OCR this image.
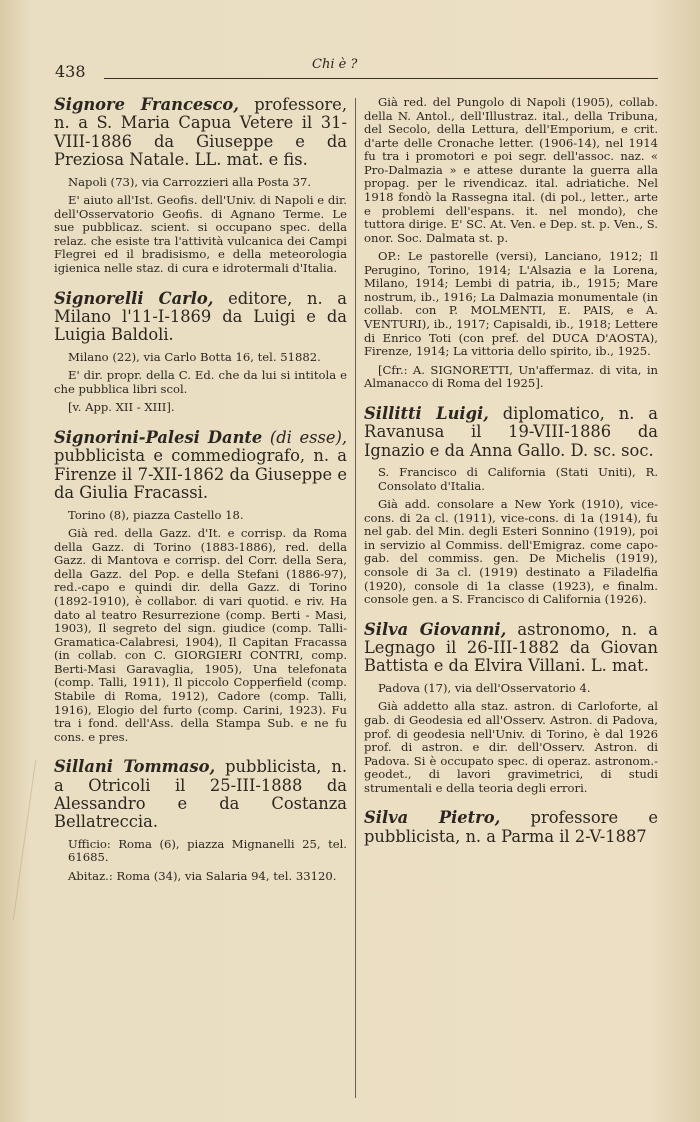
438	Chi è ?
Signore Francesco, professore, n. a S. Maria Capua Vetere il 31-VIII-1886 da Giuseppe e da Preziosa Natale. LL. mat. e fis.

Napoli (73), via Carrozzieri alla Posta 37.

E' aiuto all'Ist. Geofis. dell'Univ. di Napoli e dir. dell'Osservatorio Geofis. di Agnano Terme. Le sue pubblicaz. scient. si occupano spec. della relaz. che esiste tra l'attività vulcanica dei Campi Flegrei ed il bradisismo, e della meteorologia igienica nelle staz. di cura e idrotermali d'Italia.

Signorelli Carlo, editore, n. a Milano l'11-I-1869 da Luigi e da Luigia Baldoli.

Milano (22), via Carlo Botta 16, tel. 51882.

E' dir. propr. della C. Ed. che da lui si intitola e che pubblica libri scol.

[v. App. XII - XIII].

Signorini-Palesi Dante (di esse), pubblicista e commediografo, n. a Firenze il 7-XII-1862 da Giuseppe e da Giulia Fracassi.

Torino (8), piazza Castello 18.

Già red. della Gazz. d'It. e corrisp. da Roma della Gazz. di Torino (1883-1886), red. della Gazz. di Mantova e corrisp. del Corr. della Sera, della Gazz. del Pop. e della Stefani (1886-97), red.-capo e quindi dir. della Gazz. di Torino (1892-1910), è collabor. di vari quotid. e riv. Ha dato al teatro Resurrezione (comp. Berti - Masi, 1903), Il segreto del sign. giudice (comp. Talli-Gramatica-Calabresi, 1904), Il Capitan Fracassa (in collab. con C. GIORGIERI CONTRI, comp. Berti-Masi Garavaglia, 1905), Una telefonata (comp. Talli, 1911), Il piccolo Copperfield (comp. Stabile di Roma, 1912), Cadore (comp. Talli, 1916), Elogio del furto (comp. Carini, 1923). Fu tra i fond. dell'Ass. della Stampa Sub. e ne fu cons. e pres.

Sillani Tommaso, pubblicista, n. a Otricoli il 25-III-1888 da Alessandro e da Costanza Bellatreccia.

Ufficio: Roma (6), piazza Mignanelli 25, tel. 61685.

Abitaz.: Roma (34), via Salaria 94, tel. 33120.

Già red. del Pungolo di Napoli (1905), collab. della N. Antol., dell'Illustraz. ital., della Tribuna, del Secolo, della Lettura, dell'Emporium, e crit. d'arte delle Cronache letter. (1906-14), nel 1914 fu tra i promotori e poi segr. dell'assoc. naz. « Pro-Dalmazia » e attese durante la guerra alla propag. per le rivendicaz. ital. adriatiche. Nel 1918 fondò la Rassegna ital. (di pol., letter., arte e problemi dell'espans. it. nel mondo), che tuttora dirige. E' SC. At. Ven. e Dep. st. p. Ven., S. onor. Soc. Dalmata st. p.

OP.: Le pastorelle (versi), Lanciano, 1912; Il Perugino, Torino, 1914; L'Alsazia e la Lorena, Milano, 1914; Lembi di patria, ib., 1915; Mare nostrum, ib., 1916; La Dalmazia monumentale (in collab. con P. MOLMENTI, E. PAIS, e A. VENTURI), ib., 1917; Capisaldi, ib., 1918; Lettere di Enrico Toti (con pref. del DUCA D'AOSTA), Firenze, 1914; La vittoria dello spirito, ib., 1925.

[Cfr.: A. SIGNORETTI, Un'affermaz. di vita, in Almanacco di Roma del 1925].

Sillitti Luigi, diplomatico, n. a Ravanusa il 19-VIII-1886 da Ignazio e da Anna Gallo. D. sc. soc.

S. Francisco di California (Stati Uniti), R. Consolato d'Italia.

Già add. consolare a New York (1910), vice-cons. di 2a cl. (1911), vice-cons. di 1a (1914), fu nel gab. del Min. degli Esteri Sonnino (1919), poi in servizio al Commiss. dell'Emigraz. come capo-gab. del commiss. gen. De Michelis (1919), console di 3a cl. (1919) destinato a Filadelfia (1920), console di 1a classe (1923), e finalm. console gen. a S. Francisco di California (1926).

Silva Giovanni, astronomo, n. a Legnago il 26-III-1882 da Giovan Battista e da Elvira Villani. L. mat.

Padova (17), via dell'Osservatorio 4.

Già addetto alla staz. astron. di Carloforte, al gab. di Geodesia ed all'Osserv. Astron. di Padova, prof. di geodesia nell'Univ. di Torino, è dal 1926 prof. di astron. e dir. dell'Osserv. Astron. di Padova. Si è occupato spec. di operaz. astronom.-geodet., di lavori gravimetrici, di studi strumentali e della teoria degli errori.

Silva Pietro, professore e pubblicista, n. a Parma il 2-V-1887
